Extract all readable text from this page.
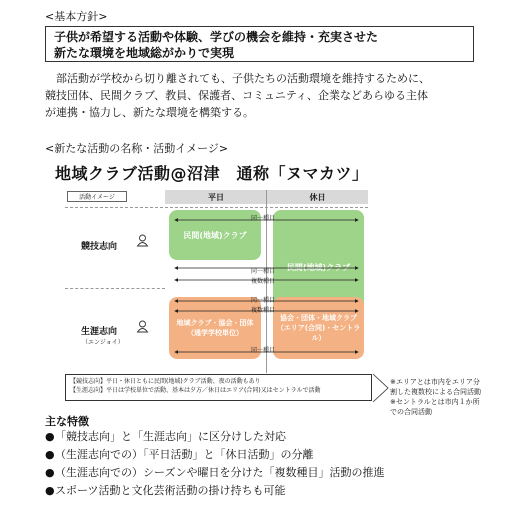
<基本方針>
子供が希望する活動や体験、学びの機会を維持・充実させた
新たな環境を地域総がかりで実現
部活動が学校から切り離されても、子供たちの活動環境を維持するために、
競技団体、民間クラブ、教員、保護者、コミュニティ、企業などあらゆる主体
が連携・協力し、新たな環境を構築する。
<新たな活動の名称・活動イメージ>
地域クラブ活動@沼津　通称「ヌマカツ」
活動イメージ	平日	休日
競技志向
生涯志向
（エンジョイ）
民間(地域)クラブ
民間(地域)クラブ
地域クラブ・協会・団体
（通学学校単位）
協会・団体・地域クラブ
（エリア(合同)・セントラル）
同一種目
同一種目
複数種目
同一種目
複数種目
同一種目
【競技志向】平日・休日ともに民間(地域)クラブ活動、夜の活動もあり
【生涯志向】平日は学校単位で活動、基本は夕方／休日はエリア(合同)又はセントラルで活動
※エリアとは市内をエリア分
割した複数校による合同活動
※セントラルとは市内１か所
での合同活動
主な特徴
●「競技志向」と「生涯志向」に区分けした対応
●（生涯志向での）「平日活動」と「休日活動」の分離
●（生涯志向での）シーズンや曜日を分けた「複数種目」活動の推進
●スポーツ活動と文化芸術活動の掛け持ちも可能
